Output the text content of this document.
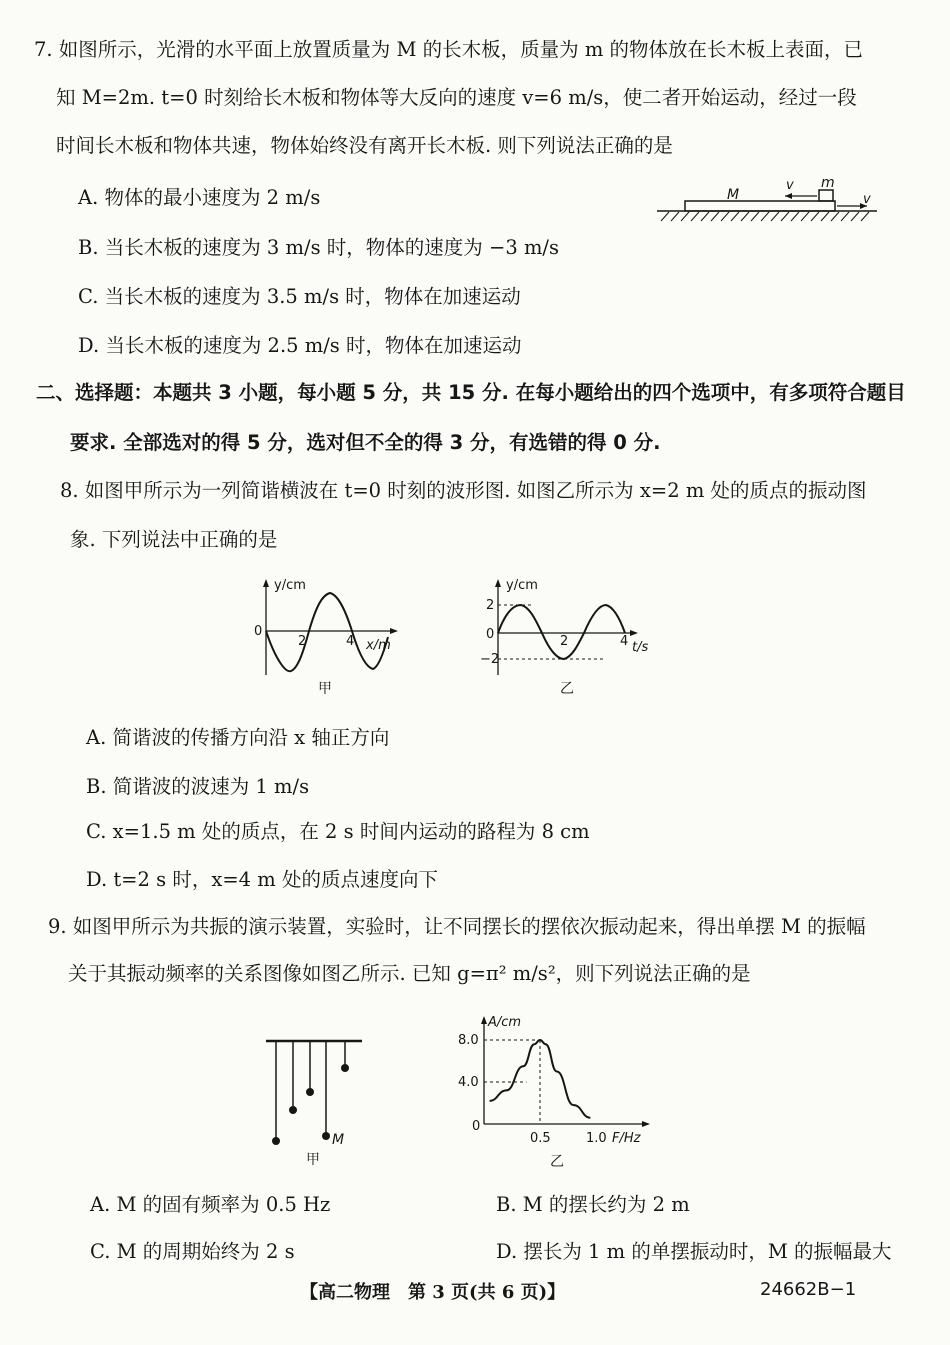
7. 如图所示，光滑的水平面上放置质量为 M 的长木板，质量为 m 的物体放在长木板上表面，已
知 M=2m. t=0 时刻给长木板和物体等大反向的速度 v=6 m/s，使二者开始运动，经过一段
时间长木板和物体共速，物体始终没有离开长木板. 则下列说法正确的是
A. 物体的最小速度为 2 m/s
B. 当长木板的速度为 3 m/s 时，物体的速度为 −3 m/s
C. 当长木板的速度为 3.5 m/s 时，物体在加速运动
D. 当长木板的速度为 2.5 m/s 时，物体在加速运动
M
m
v
v
二、选择题：本题共 3 小题，每小题 5 分，共 15 分. 在每小题给出的四个选项中，有多项符合题目
要求. 全部选对的得 5 分，选对但不全的得 3 分，有选错的得 0 分.
8. 如图甲所示为一列简谐横波在 t=0 时刻的波形图. 如图乙所示为 x=2 m 处的质点的振动图
象. 下列说法中正确的是
y/cm
0
2	4 x/m
甲
y/cm
2
0
−2
2	4 t/s
乙
A. 简谐波的传播方向沿 x 轴正方向
B. 简谐波的波速为 1 m/s
C. x=1.5 m 处的质点，在 2 s 时间内运动的路程为 8 cm
D. t=2 s 时，x=4 m 处的质点速度向下
9. 如图甲所示为共振的演示装置，实验时，让不同摆长的摆依次振动起来，得出单摆 M 的振幅
关于其振动频率的关系图像如图乙所示. 已知 g=π² m/s²，则下列说法正确的是
M
甲
A/cm
8.0
4.0
0
0.5	1.0 F/Hz
乙
A. M 的固有频率为 0.5 Hz	B. M 的摆长约为 2 m
C. M 的周期始终为 2 s	D. 摆长为 1 m 的单摆振动时，M 的振幅最大
【高二物理　第 3 页(共 6 页)】	24662B−1
